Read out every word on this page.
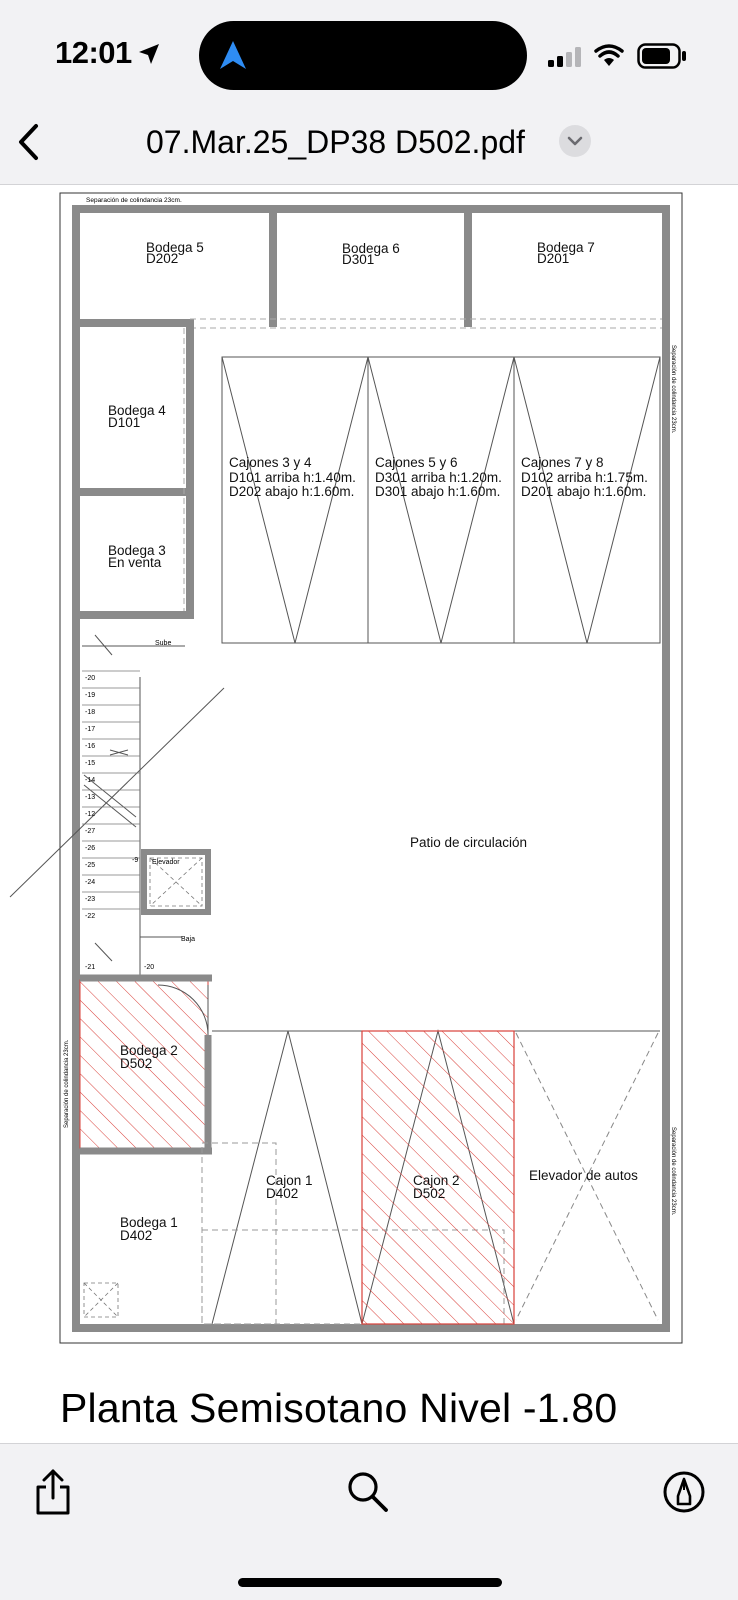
12:01
07.Mar.25_DP38 D502.pdf
Separación de colindancia 23cm.
Sube
Baja
-20
-19
-18
-17
-16
-15
-14
-13
-12
-27
-26
-25
-24
-23
-22
-21	-20
-9 Elevador
Separación de colindancia 23cm.
Separación de colindancia 23cm.
Separación de colindancia 23cm.
Bodega 5
D202
Bodega 6
D301
Bodega 7
D201
Bodega 4
D101
Bodega 3
En venta
Cajones 3 y 4
D101 arriba h:1.40m.
D202 abajo h:1.60m.
Cajones 5 y 6
D301 arriba h:1.20m.
D301 abajo h:1.60m.
Cajones 7 y 8
D102 arriba h:1.75m.
D201 abajo h:1.60m.
Patio de circulación
Bodega 2
D502
Bodega 1
D402
Cajon 1
D402
Cajon 2
D502
Elevador de autos
Planta Semisotano Nivel -1.80
